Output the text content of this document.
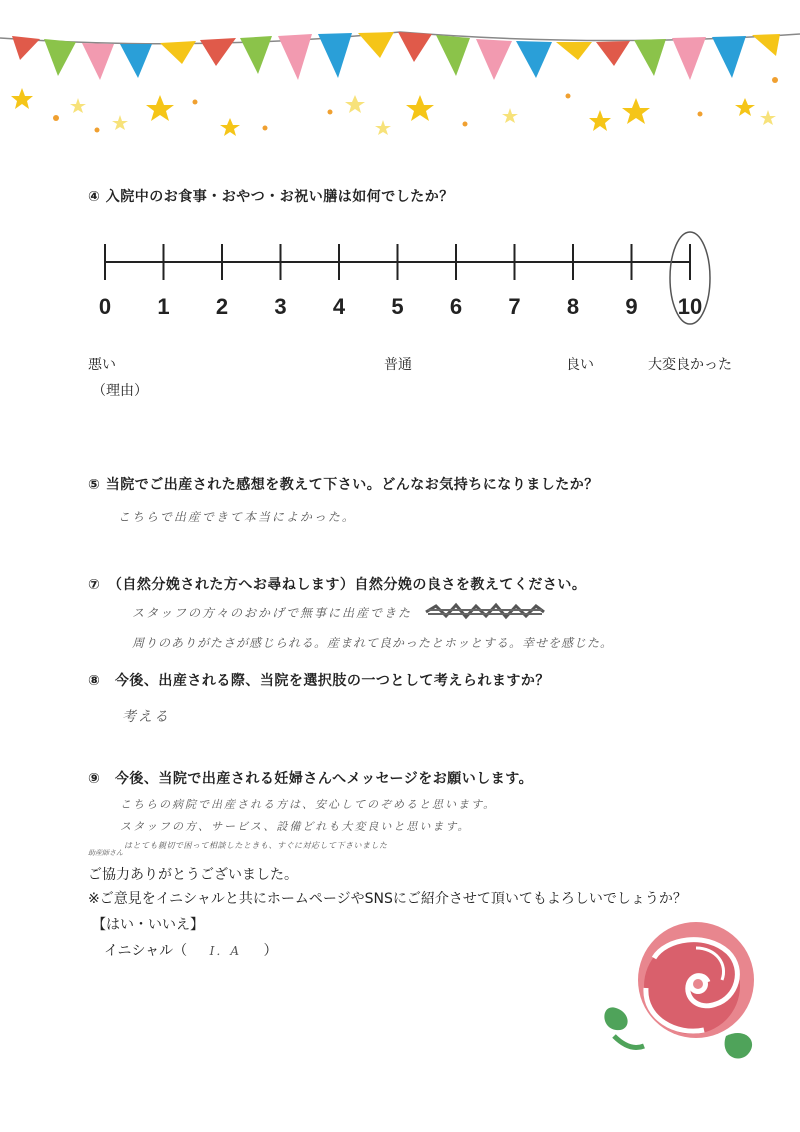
④ 入院中のお食事・おやつ・お祝い膳は如何でしたか？
0 1 2 3 4 5 6 7 8 9 10
悪い	普通	良い	大変良かった
（理由）
⑤ 当院でご出産された感想を教えて下さい。どんなお気持ちになりましたか？
こちらで出産できて本当によかった。
⑦　（自然分娩された方へお尋ねします）自然分娩の良さを教えてください。
スタッフの方々のおかげで無事に出産できた
周りのありがたさが感じられる。産まれて良かったとホッとする。幸せを感じた。
⑧　今後、出産される際、当院を選択肢の一つとして考えられますか？
考える
⑨　今後、当院で出産される妊婦さんへメッセージをお願いします。
こちらの病院で出産される方は、安心してのぞめると思います。
スタッフの方、サービス、設備どれも大変良いと思います。
助産師さん
はとても親切で困って相談したときも、すぐに対応して下さいました
ご協力ありがとうございました。
※ご意見をイニシャルと共にホームページやSNSにご紹介させて頂いてもよろしいでしょうか？
【はい・いいえ】
イニシャル（ I．A ）
